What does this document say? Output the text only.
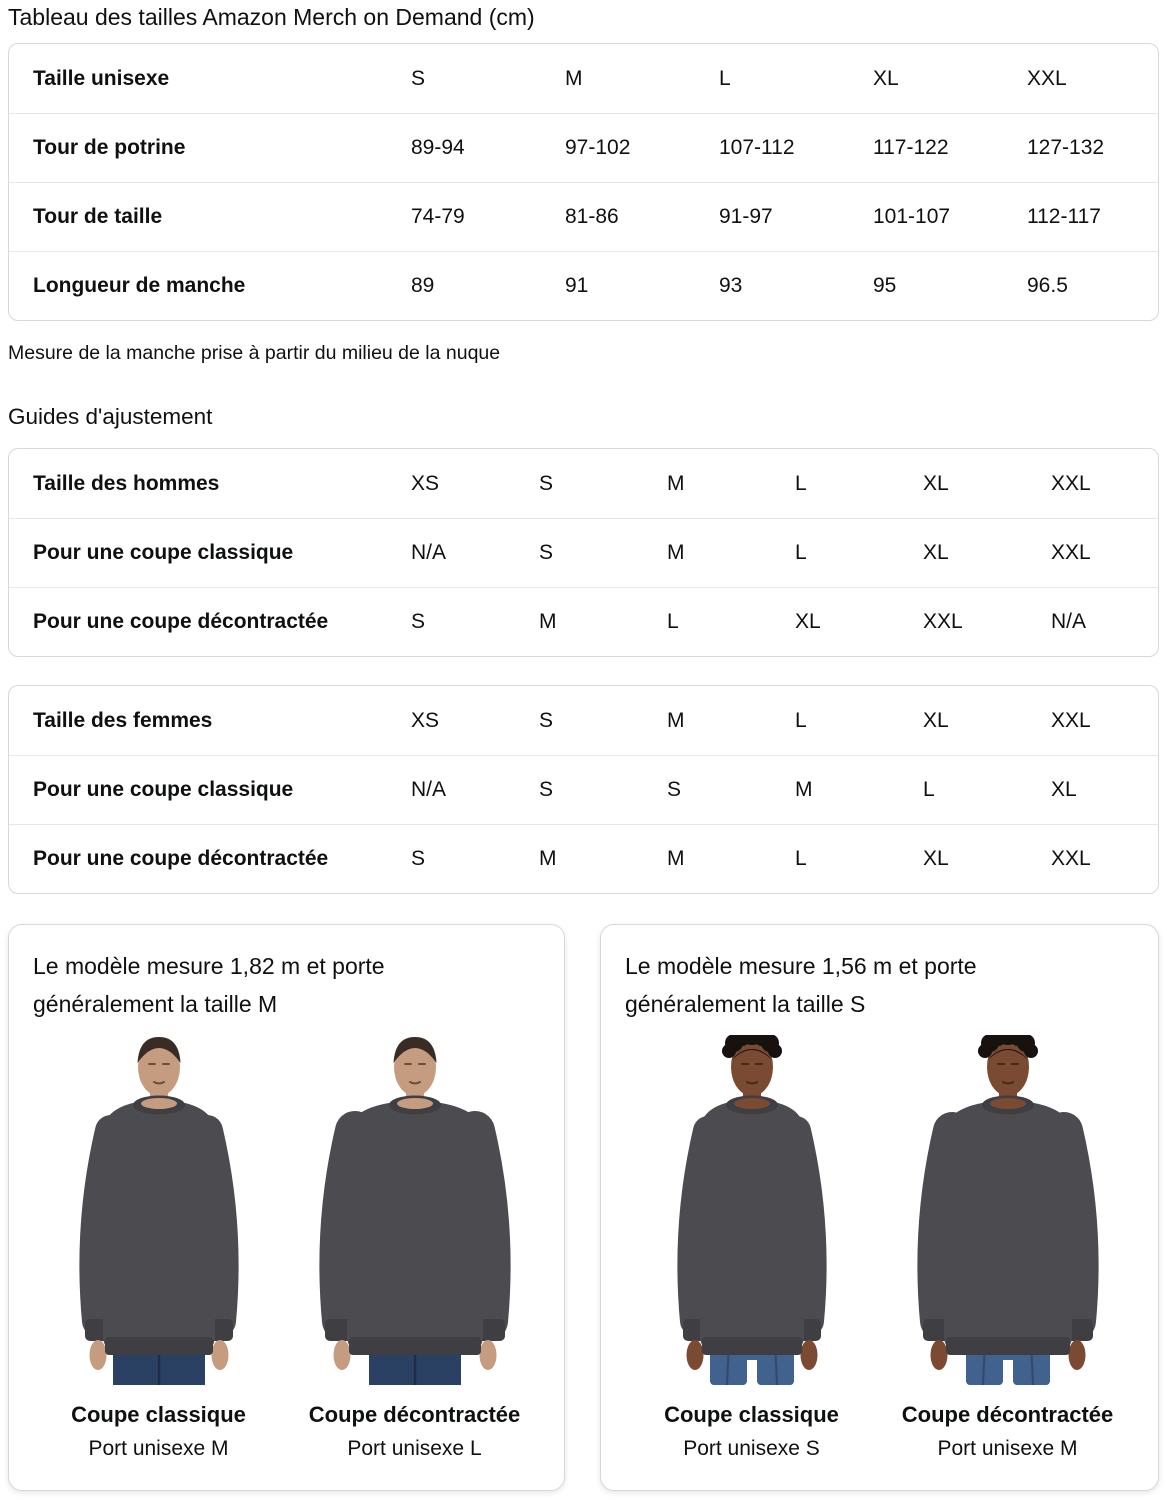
Tableau des tailles Amazon Merch on Demand (cm)
Taille unisexe	S	M	L	XL	XXL
Tour de potrine	89-94	97-102	107-112	117-122	127-132
Tour de taille	74-79	81-86	91-97	101-107	112-117
Longueur de manche	89	91	93	95	96.5

Mesure de la manche prise à partir du milieu de la nuque

Guides d'ajustement
Taille des hommes	XS	S	M	L	XL	XXL
Pour une coupe classique	N/A	S	M	L	XL	XXL
Pour une coupe décontractée	S	M	L	XL	XXL	N/A
Taille des femmes	XS	S	M	L	XL	XXL
Pour une coupe classique	N/A	S	S	M	L	XL
Pour une coupe décontractée	S	M	M	L	XL	XXL

Le modèle mesure 1,82 m et porte généralement la taille M

Coupe classique
Port unisexe M
Coupe décontractée
Port unisexe L

Le modèle mesure 1,56 m et porte généralement la taille S

Coupe classique
Port unisexe S
Coupe décontractée
Port unisexe M
